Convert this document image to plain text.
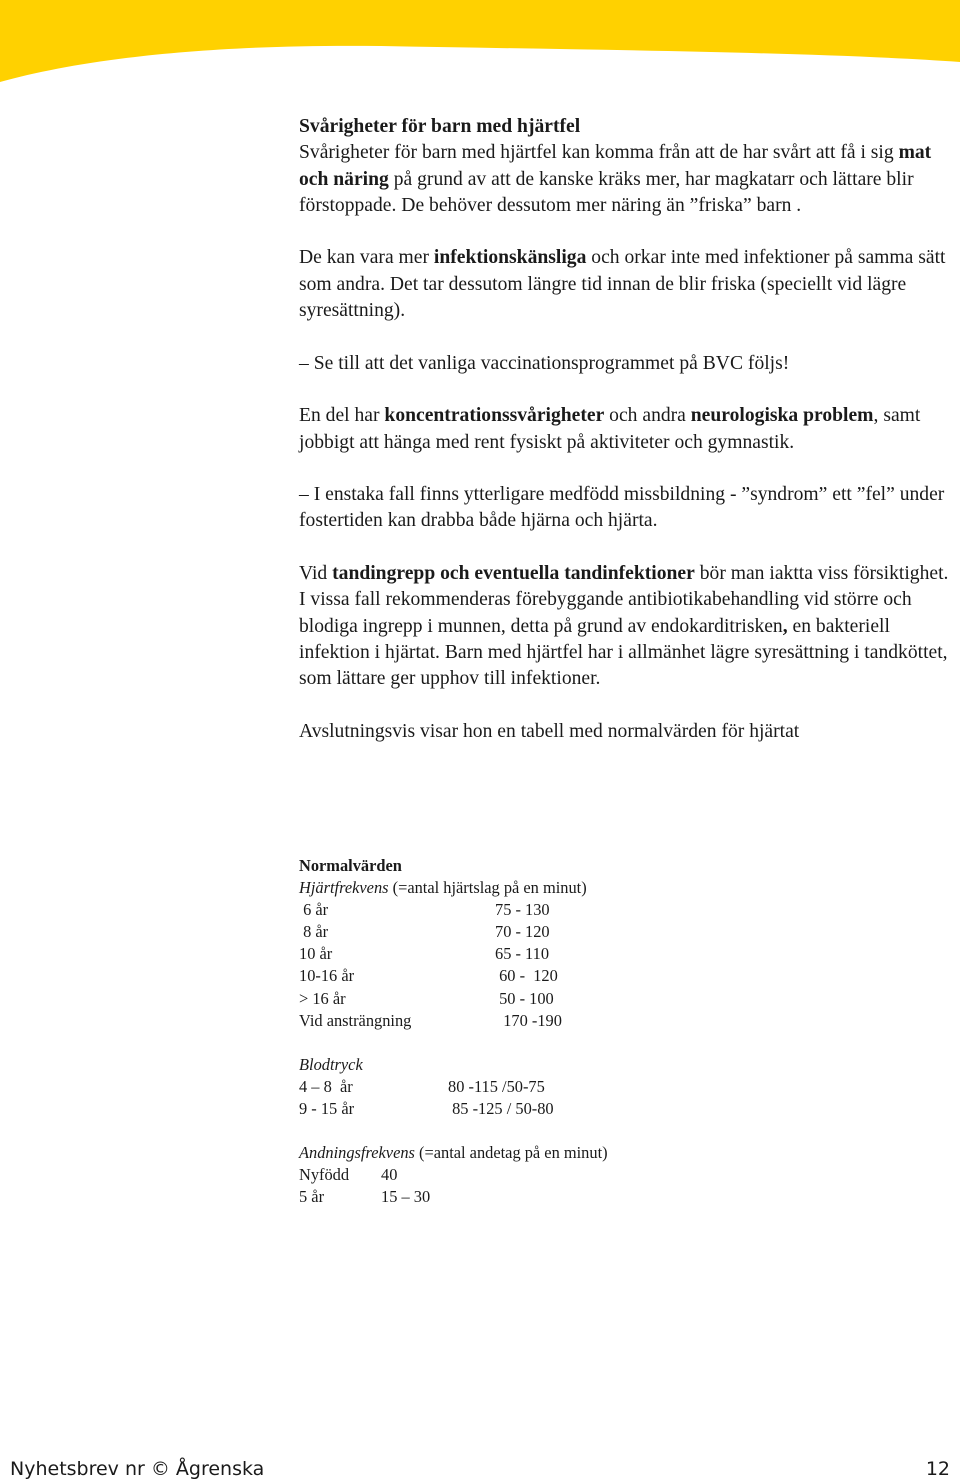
Svårigheter för barn med hjärtfel

Svårigheter för barn med hjärtfel kan komma från att de har svårt att få i sig mat och näring på grund av att de kanske kräks mer, har magkatarr och lättare blir förstoppade. De behöver dessutom mer näring än ”friska” barn .

De kan vara mer infektionskänsliga och orkar inte med infektioner på samma sätt som andra. Det tar dessutom längre tid innan de blir friska (speciellt vid lägre syresättning).

– Se till att det vanliga vaccinationsprogrammet på BVC följs!

En del har koncentrationssvårigheter och andra neurologiska problem, samt jobbigt att hänga med rent fysiskt på aktiviteter och gymnastik.

– I enstaka fall finns ytterligare medfödd missbildning - ”syndrom” ett ”fel” under fostertiden kan drabba både hjärna och hjärta.

Vid tandingrepp och eventuella tandinfektioner bör man iaktta viss försiktighet. I vissa fall rekommenderas förebyggande antibiotikabehandling vid större och blodiga ingrepp i munnen, detta på grund av endokarditrisken, en bakteriell infektion i hjärtat. Barn med hjärtfel har i allmänhet lägre syresättning i tandköttet, som lättare ger upphov till infektioner.

Avslutningsvis visar hon en tabell med normalvärden för hjärtat

Normalvärden
Hjärtfrekvens (=antal hjärtslag på en minut)
6 år	75 - 130
8 år	70 - 120
10 år	65 - 110
10-16 år	60 -  120
> 16 år	50 - 100
Vid ansträngning	170 -190
Blodtryck
4 – 8  år	80 -115 /50-75
9 - 15 år	85 -125 / 50-80
Andningsfrekvens (=antal andetag på en minut)
Nyfödd	40
5 år	15 – 30
Nyhetsbrev nr © Ågrenska	12
